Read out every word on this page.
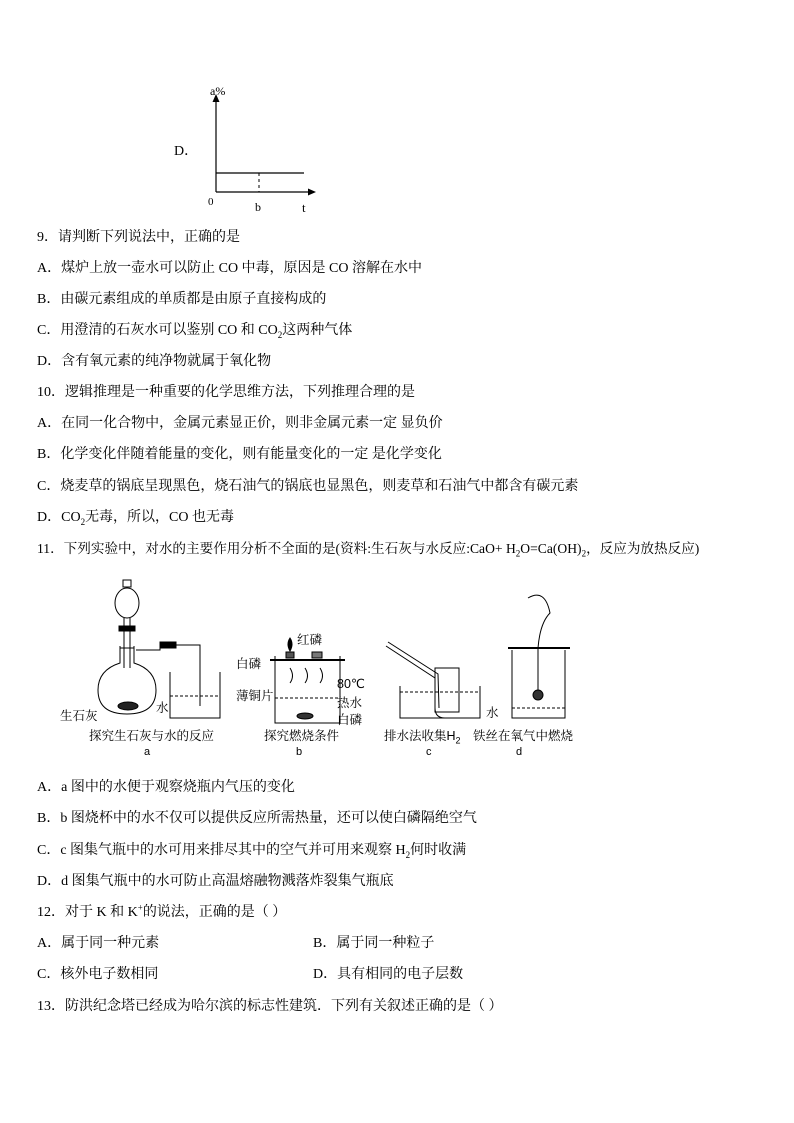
D．
a%
0	b	t
9．请判断下列说法中，正确的是
A．煤炉上放一壶水可以防止 CO 中毒，原因是 CO 溶解在水中
B．由碳元素组成的单质都是由原子直接构成的
C．用澄清的石灰水可以鉴别 CO 和 $CO_2$这两种气体
D．含有氧元素的纯净物就属于氧化物
10．逻辑推理是一种重要的化学思维方法，下列推理合理的是
A．在同一化合物中，金属元素显正价，则非金属元素一定 显负价
B．化学变化伴随着能量的变化，则有能量变化的一定 是化学变化
C．烧麦草的锅底呈现黑色，烧石油气的锅底也显黑色，则麦草和石油气中都含有碳元素
D．$CO_2$无毒，所以，CO 也无毒
11．下列实验中，对水的主要作用分析不全面的是(资料:生石灰与水反应:CaO+ $H_2O=Ca(OH)_2$，反应为放热反应)
生石灰
水
探究生石灰与水的反应
a
红磷
白磷
薄铜片
80℃
热水
白磷
探究燃烧条件
b
排水法收集$H_2$
c
水
铁丝在氧气中燃烧
d
A．a 图中的水便于观察烧瓶内气压的变化
B．b 图烧杯中的水不仅可以提供反应所需热量，还可以使白磷隔绝空气
C．c 图集气瓶中的水可用来排尽其中的空气并可用来观察 $H_2$何时收满
D．d 图集气瓶中的水可防止高温熔融物溅落炸裂集气瓶底
12．对于 K 和 K+的说法，正确的是（ ）
A．属于同一种元素	B．属于同一种粒子
C．核外电子数相同	D．具有相同的电子层数
13．防洪纪念塔已经成为哈尔滨的标志性建筑．下列有关叙述正确的是（ ）
